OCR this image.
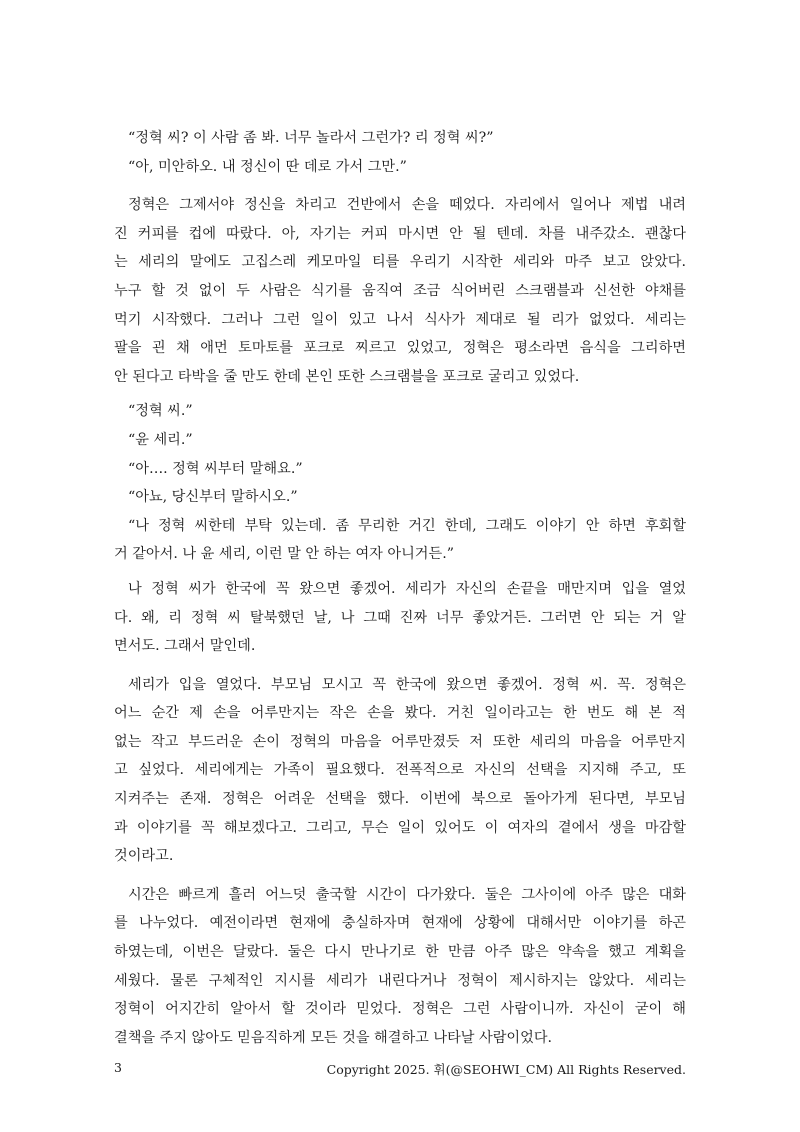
“정혁 씨? 이 사람 좀 봐. 너무 놀라서 그런가? 리 정혁 씨?”
“아, 미안하오. 내 정신이 딴 데로 가서 그만.”
정혁은 그제서야 정신을 차리고 건반에서 손을 떼었다. 자리에서 일어나 제법 내려
진 커피를 컵에 따랐다. 아, 자기는 커피 마시면 안 될 텐데. 차를 내주갔소. 괜찮다
는 세리의 말에도 고집스레 케모마일 티를 우리기 시작한 세리와 마주 보고 앉았다.
누구 할 것 없이 두 사람은 식기를 움직여 조금 식어버린 스크램블과 신선한 야채를
먹기 시작했다. 그러나 그런 일이 있고 나서 식사가 제대로 될 리가 없었다. 세리는
팔을 괸 채 애먼 토마토를 포크로 찌르고 있었고, 정혁은 평소라면 음식을 그리하면
안 된다고 타박을 줄 만도 한데 본인 또한 스크램블을 포크로 굴리고 있었다.
“정혁 씨.”
“윤 세리.”
“아…. 정혁 씨부터 말해요.”
“아뇨, 당신부터 말하시오.”
“나 정혁 씨한테 부탁 있는데. 좀 무리한 거긴 한데, 그래도 이야기 안 하면 후회할
거 같아서. 나 윤 세리, 이런 말 안 하는 여자 아니거든.”
나 정혁 씨가 한국에 꼭 왔으면 좋겠어. 세리가 자신의 손끝을 매만지며 입을 열었
다. 왜, 리 정혁 씨 탈북했던 날, 나 그때 진짜 너무 좋았거든. 그러면 안 되는 거 알
면서도. 그래서 말인데.
세리가 입을 열었다. 부모님 모시고 꼭 한국에 왔으면 좋겠어. 정혁 씨. 꼭. 정혁은
어느 순간 제 손을 어루만지는 작은 손을 봤다. 거친 일이라고는 한 번도 해 본 적
없는 작고 부드러운 손이 정혁의 마음을 어루만졌듯 저 또한 세리의 마음을 어루만지
고 싶었다. 세리에게는 가족이 필요했다. 전폭적으로 자신의 선택을 지지해 주고, 또
지켜주는 존재. 정혁은 어려운 선택을 했다. 이번에 북으로 돌아가게 된다면, 부모님
과 이야기를 꼭 해보겠다고. 그리고, 무슨 일이 있어도 이 여자의 곁에서 생을 마감할
것이라고.
시간은 빠르게 흘러 어느덧 출국할 시간이 다가왔다. 둘은 그사이에 아주 많은 대화
를 나누었다. 예전이라면 현재에 충실하자며 현재에 상황에 대해서만 이야기를 하곤
하였는데, 이번은 달랐다. 둘은 다시 만나기로 한 만큼 아주 많은 약속을 했고 계획을
세웠다. 물론 구체적인 지시를 세리가 내린다거나 정혁이 제시하지는 않았다. 세리는
정혁이 어지간히 알아서 할 것이라 믿었다. 정혁은 그런 사람이니까. 자신이 굳이 해
결책을 주지 않아도 믿음직하게 모든 것을 해결하고 나타날 사람이었다.
3	Copyright 2025. 휘(@SEOHWI_CM) All Rights Reserved.
